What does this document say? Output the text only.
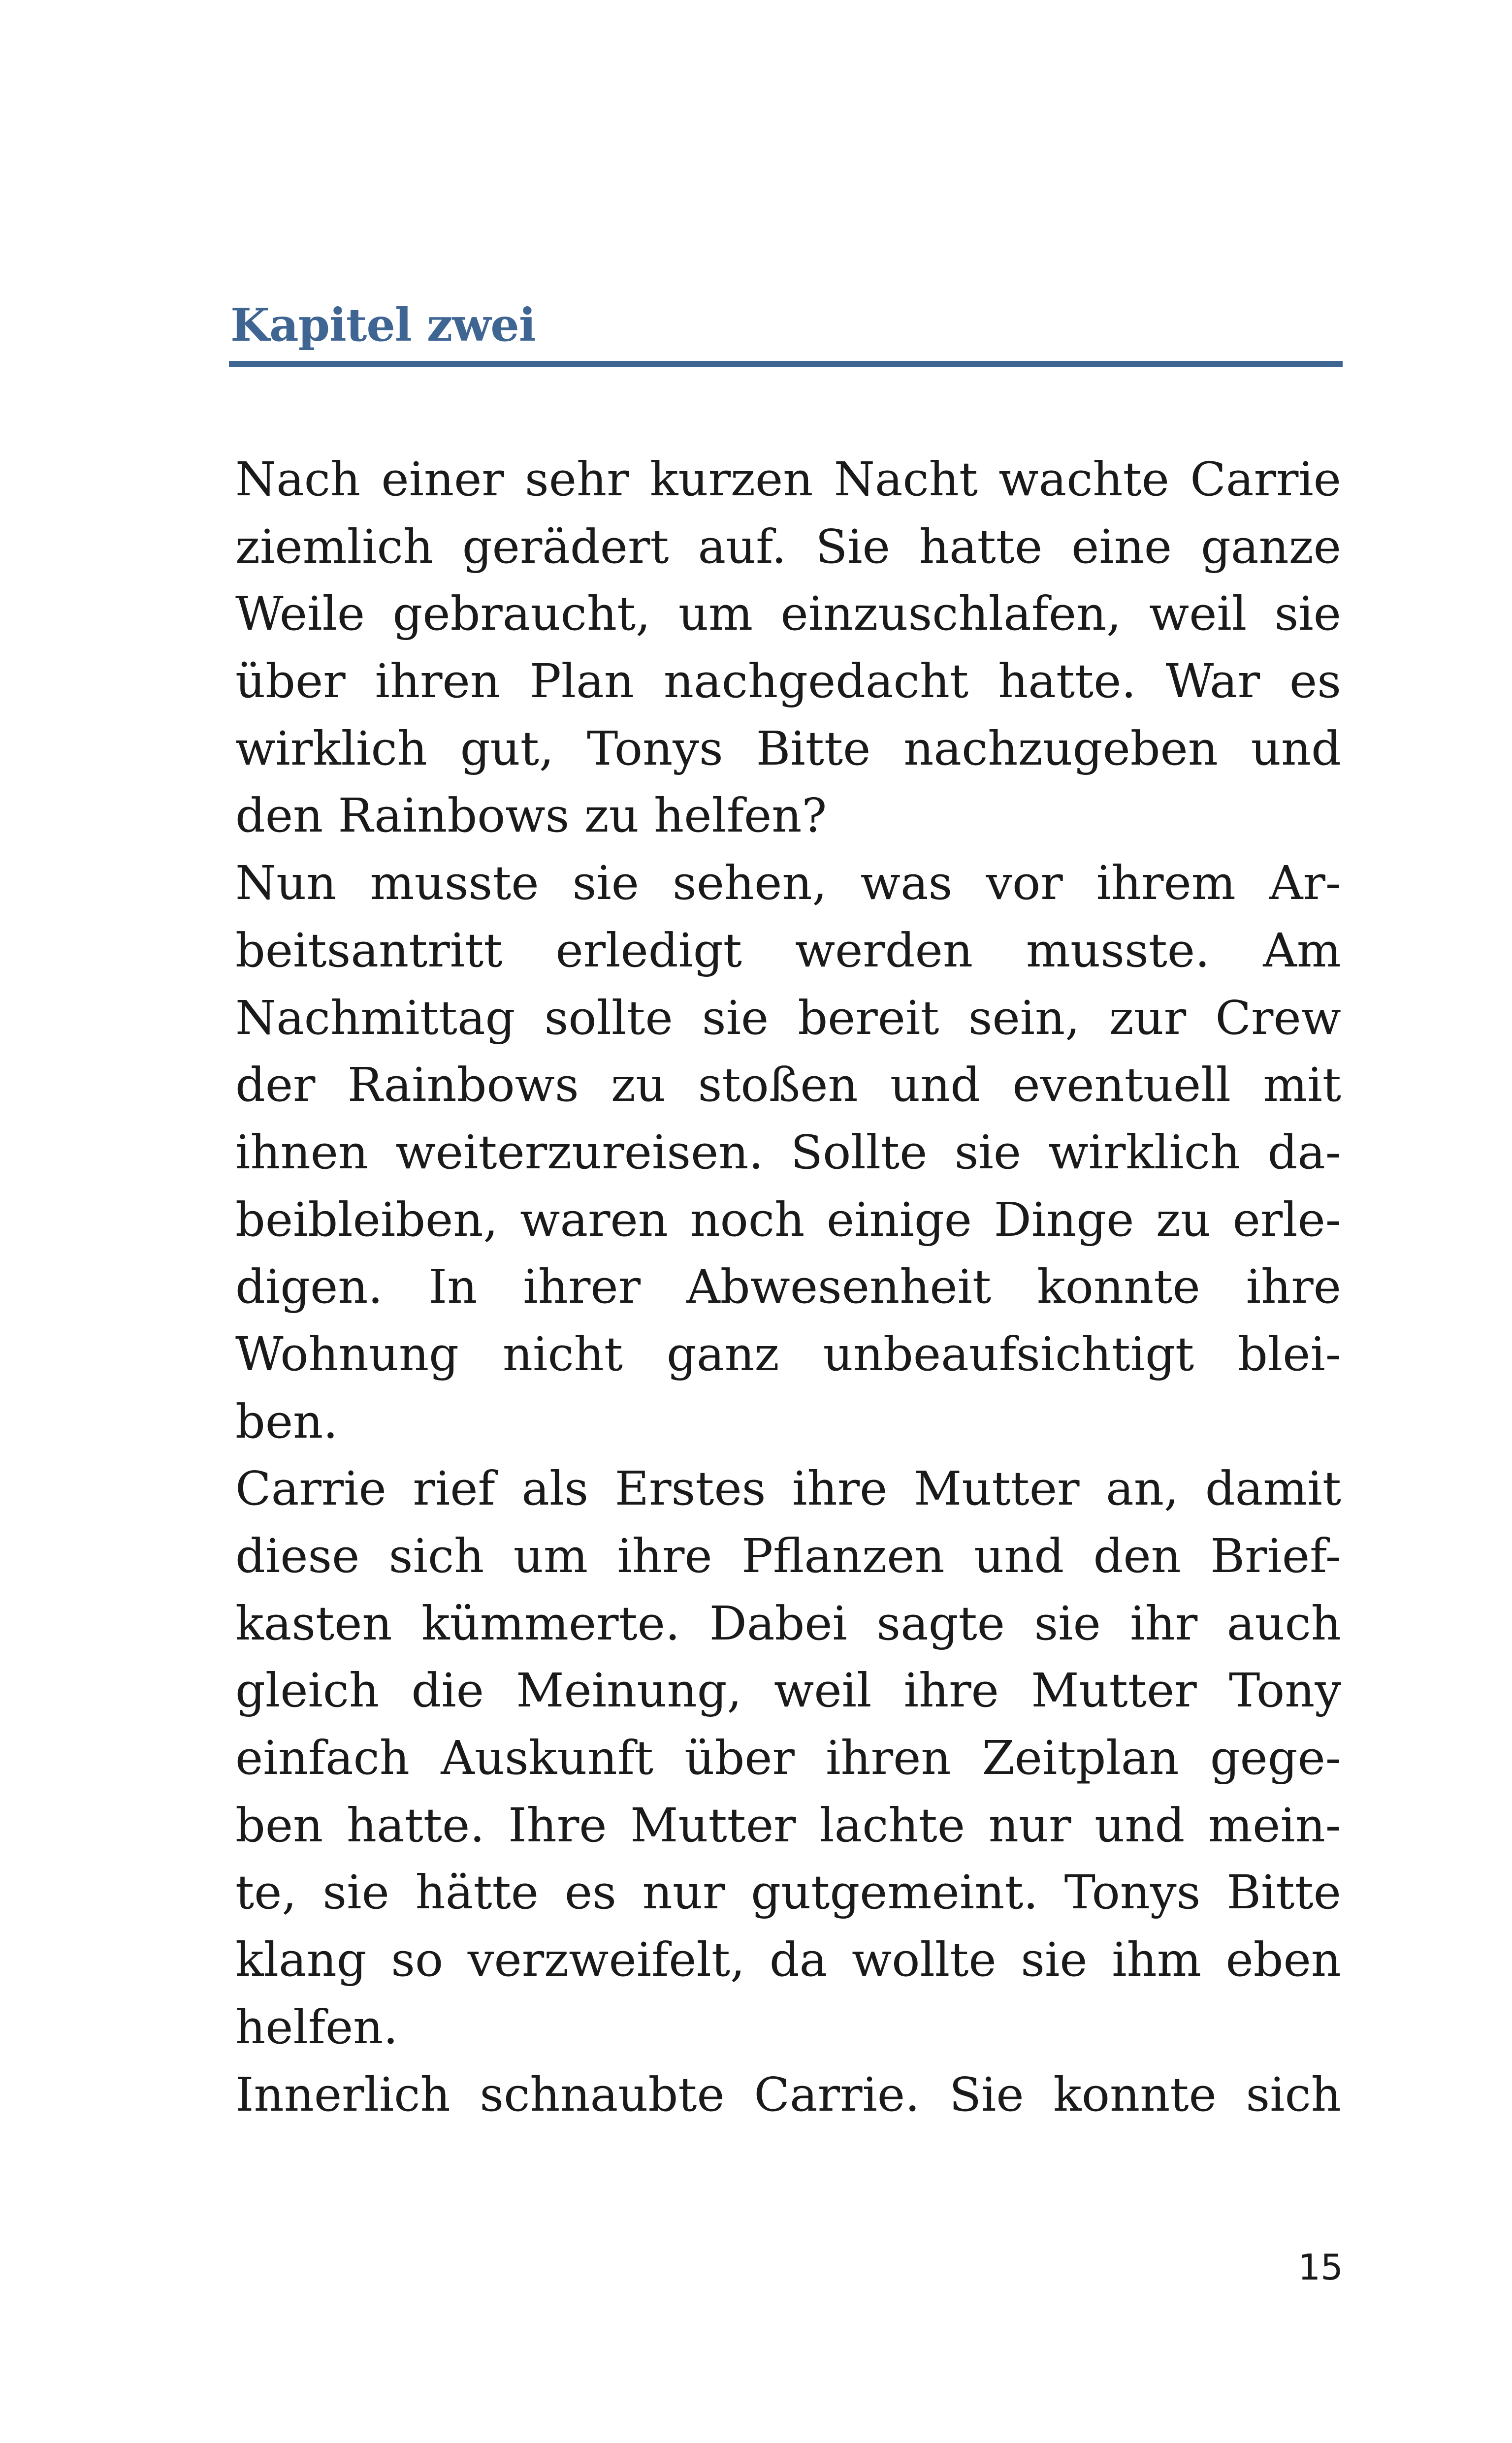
Kapitel zwei
Nach einer sehr kurzen Nacht wachte Carrie
ziemlich gerädert auf. Sie hatte eine ganze
Weile gebraucht, um einzuschlafen, weil sie
über ihren Plan nachgedacht hatte. War es
wirklich gut, Tonys Bitte nachzugeben und
den Rainbows zu helfen?
Nun musste sie sehen, was vor ihrem Ar-
beitsantritt erledigt werden musste. Am
Nachmittag sollte sie bereit sein, zur Crew
der Rainbows zu stoßen und eventuell mit
ihnen weiterzureisen. Sollte sie wirklich da-
beibleiben, waren noch einige Dinge zu erle-
digen. In ihrer Abwesenheit konnte ihre
Wohnung nicht ganz unbeaufsichtigt blei-
ben.
Carrie rief als Erstes ihre Mutter an, damit
diese sich um ihre Pflanzen und den Brief-
kasten kümmerte. Dabei sagte sie ihr auch
gleich die Meinung, weil ihre Mutter Tony
einfach Auskunft über ihren Zeitplan gege-
ben hatte. Ihre Mutter lachte nur und mein-
te, sie hätte es nur gutgemeint. Tonys Bitte
klang so verzweifelt, da wollte sie ihm eben
helfen.
Innerlich schnaubte Carrie. Sie konnte sich
15
